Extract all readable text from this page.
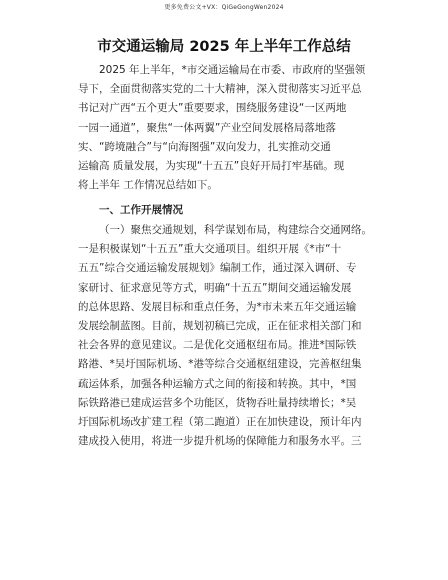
更多免费公文+VX：QiGeGongWen2024
市交通运输局 2025 年上半年工作总结
2025 年上半年，*市交通运输局在市委、市政府的坚强领
导下，全面贯彻落实党的二十大精神，深入贯彻落实习近平总
书记对广西“五个更大”重要要求，围绕服务建设“一区两地
一园一通道”，聚焦“一体两翼”产业空间发展格局落地落
实、“跨境融合”与“向海图强”双向发力，扎实推动交通
运输高 质量发展，为实现“十五五”良好开局打牢基础。现
将上半年 工作情况总结如下。
一、工作开展情况
（一）聚焦交通规划，科学谋划布局，构建综合交通网络。
一是积极谋划“十五五”重大交通项目。组织开展《*市“十
五五”综合交通运输发展规划》编制工作，通过深入调研、专
家研讨、征求意见等方式，明确“十五五”期间交通运输发展
的总体思路、发展目标和重点任务，为*市未来五年交通运输
发展绘制蓝图。目前，规划初稿已完成，正在征求相关部门和
社会各界的意见建议。二是优化交通枢纽布局。推进*国际铁
路港、*吴圩国际机场、*港等综合交通枢纽建设，完善枢纽集
疏运体系，加强各种运输方式之间的衔接和转换。其中，*国
际铁路港已建成运营多个功能区，货物吞吐量持续增长；*吴
圩国际机场改扩建工程（第二跑道）正在加快建设，预计年内
建成投入使用，将进一步提升机场的保障能力和服务水平。三
